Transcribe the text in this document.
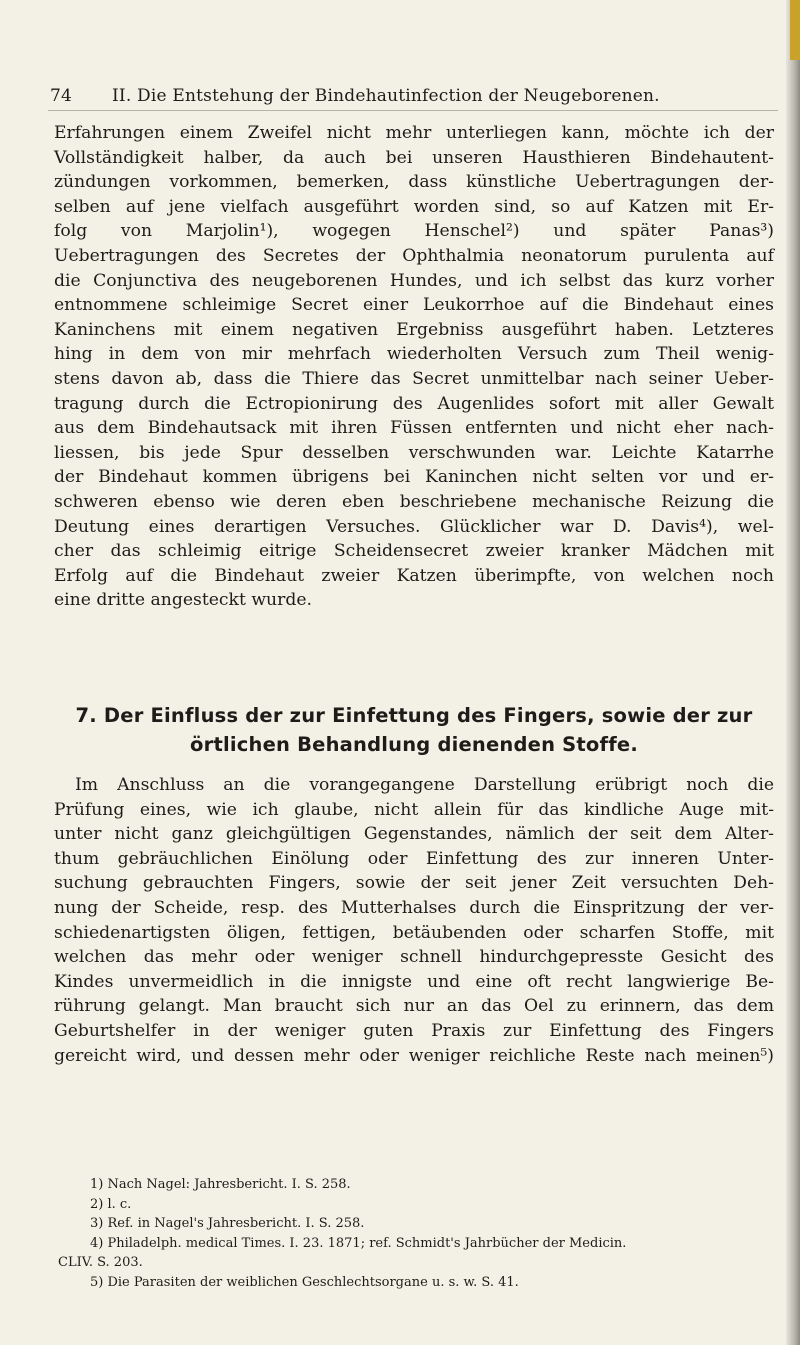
74 II. Die Entstehung der Bindehautinfection der Neugeborenen.
Erfahrungen einem Zweifel nicht mehr unterliegen kann, möchte ich der
Vollständigkeit halber, da auch bei unseren Hausthieren Bindehautent-
zündungen vorkommen, bemerken, dass künstliche Uebertragungen der-
selben auf jene vielfach ausgeführt worden sind, so auf Katzen mit Er-
folg von Marjolin¹), wogegen Henschel²) und später Panas³)
Uebertragungen des Secretes der Ophthalmia neonatorum purulenta auf
die Conjunctiva des neugeborenen Hundes, und ich selbst das kurz vorher
entnommene schleimige Secret einer Leukorrhoe auf die Bindehaut eines
Kaninchens mit einem negativen Ergebniss ausgeführt haben. Letzteres
hing in dem von mir mehrfach wiederholten Versuch zum Theil wenig-
stens davon ab, dass die Thiere das Secret unmittelbar nach seiner Ueber-
tragung durch die Ectropionirung des Augenlides sofort mit aller Gewalt
aus dem Bindehautsack mit ihren Füssen entfernten und nicht eher nach-
liessen, bis jede Spur desselben verschwunden war. Leichte Katarrhe
der Bindehaut kommen übrigens bei Kaninchen nicht selten vor und er-
schweren ebenso wie deren eben beschriebene mechanische Reizung die
Deutung eines derartigen Versuches. Glücklicher war D. Davis⁴), wel-
cher das schleimig eitrige Scheidensecret zweier kranker Mädchen mit
Erfolg auf die Bindehaut zweier Katzen überimpfte, von welchen noch
eine dritte angesteckt wurde.
7. Der Einfluss der zur Einfettung des Fingers, sowie der zur
örtlichen Behandlung dienenden Stoffe.
Im Anschluss an die vorangegangene Darstellung erübrigt noch die
Prüfung eines, wie ich glaube, nicht allein für das kindliche Auge mit-
unter nicht ganz gleichgültigen Gegenstandes, nämlich der seit dem Alter-
thum gebräuchlichen Einölung oder Einfettung des zur inneren Unter-
suchung gebrauchten Fingers, sowie der seit jener Zeit versuchten Deh-
nung der Scheide, resp. des Mutterhalses durch die Einspritzung der ver-
schiedenartigsten öligen, fettigen, betäubenden oder scharfen Stoffe, mit
welchen das mehr oder weniger schnell hindurchgepresste Gesicht des
Kindes unvermeidlich in die innigste und eine oft recht langwierige Be-
rührung gelangt. Man braucht sich nur an das Oel zu erinnern, das dem
Geburtshelfer in der weniger guten Praxis zur Einfettung des Fingers
gereicht wird, und dessen mehr oder weniger reichliche Reste nach meinen⁵)
1) Nach Nagel: Jahresbericht. I. S. 258.
2) l. c.
3) Ref. in Nagel's Jahresbericht. I. S. 258.
4) Philadelph. medical Times. I. 23. 1871; ref. Schmidt's Jahrbücher der Medicin.
CLIV. S. 203.
5) Die Parasiten der weiblichen Geschlechtsorgane u. s. w. S. 41.
